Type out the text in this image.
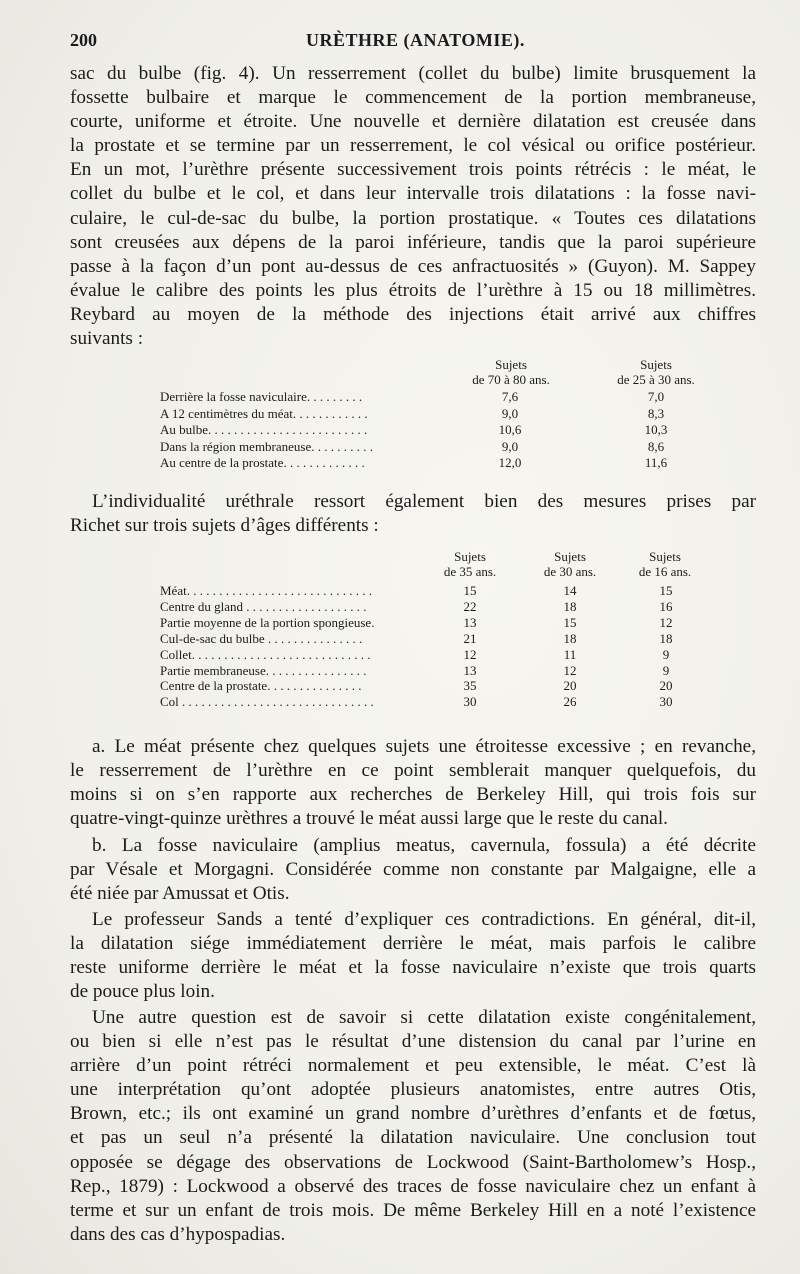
200	URÈTHRE (ANATOMIE).

sac du bulbe (fig. 4). Un resserrement (collet du bulbe) limite brusquement la
fossette bulbaire et marque le commencement de la portion membraneuse,
courte, uniforme et étroite. Une nouvelle et dernière dilatation est creusée dans
la prostate et se termine par un resserrement, le col vésical ou orifice postérieur.
En un mot, l’urèthre présente successivement trois points rétrécis : le méat, le
collet du bulbe et le col, et dans leur intervalle trois dilatations : la fosse navi-
culaire, le cul-de-sac du bulbe, la portion prostatique. « Toutes ces dilatations
sont creusées aux dépens de la paroi inférieure, tandis que la paroi supérieure
passe à la façon d’un pont au-dessus de ces anfractuosités » (Guyon). M. Sappey
évalue le calibre des points les plus étroits de l’urèthre à 15 ou 18 millimètres.
Reybard au moyen de la méthode des injections était arrivé aux chiffres
suivants :

Sujets
de 70 à 80 ans.
Sujets
de 25 à 30 ans.
Derrière la fosse naviculaire. . . . . . . . .	7,6	7,0
A 12 centimètres du méat. . . . . . . . . . . .	9,0	8,3
Au bulbe. . . . . . . . . . . . . . . . . . . . . . . . .	10,6	10,3
Dans la région membraneuse. . . . . . . . . .	9,0	8,6
Au centre de la prostate. . . . . . . . . . . . .	12,0	11,6

L’individualité uréthrale ressort également bien des mesures prises par
Richet sur trois sujets d’âges différents :

Sujets
de 35 ans.
Sujets
de 30 ans.
Sujets
de 16 ans.
Méat. . . . . . . . . . . . . . . . . . . . . . . . . . . . .	15	14	15
Centre du gland . . . . . . . . . . . . . . . . . . .	22	18	16
Partie moyenne de la portion spongieuse.	13	15	12
Cul-de-sac du bulbe . . . . . . . . . . . . . . .	21	18	18
Collet. . . . . . . . . . . . . . . . . . . . . . . . . . . .	12	11	9
Partie membraneuse. . . . . . . . . . . . . . . .	13	12	9
Centre de la prostate. . . . . . . . . . . . . . .	35	20	20
Col . . . . . . . . . . . . . . . . . . . . . . . . . . . . . .	30	26	30

a. Le méat présente chez quelques sujets une étroitesse excessive ; en revanche,
le resserrement de l’urèthre en ce point semblerait manquer quelquefois, du
moins si on s’en rapporte aux recherches de Berkeley Hill, qui trois fois sur
quatre-vingt-quinze urèthres a trouvé le méat aussi large que le reste du canal.

b. La fosse naviculaire (amplius meatus, cavernula, fossula) a été décrite
par Vésale et Morgagni. Considérée comme non constante par Malgaigne, elle a
été niée par Amussat et Otis.

Le professeur Sands a tenté d’expliquer ces contradictions. En général, dit-il,
la dilatation siége immédiatement derrière le méat, mais parfois le calibre
reste uniforme derrière le méat et la fosse naviculaire n’existe que trois quarts
de pouce plus loin.

Une autre question est de savoir si cette dilatation existe congénitalement,
ou bien si elle n’est pas le résultat d’une distension du canal par l’urine en
arrière d’un point rétréci normalement et peu extensible, le méat. C’est là
une interprétation qu’ont adoptée plusieurs anatomistes, entre autres Otis,
Brown, etc.; ils ont examiné un grand nombre d’urèthres d’enfants et de fœtus,
et pas un seul n’a présenté la dilatation naviculaire. Une conclusion tout
opposée se dégage des observations de Lockwood (Saint-Bartholomew’s Hosp.,
Rep., 1879) : Lockwood a observé des traces de fosse naviculaire chez un enfant à
terme et sur un enfant de trois mois. De même Berkeley Hill en a noté l’existence
dans des cas d’hypospadias.
